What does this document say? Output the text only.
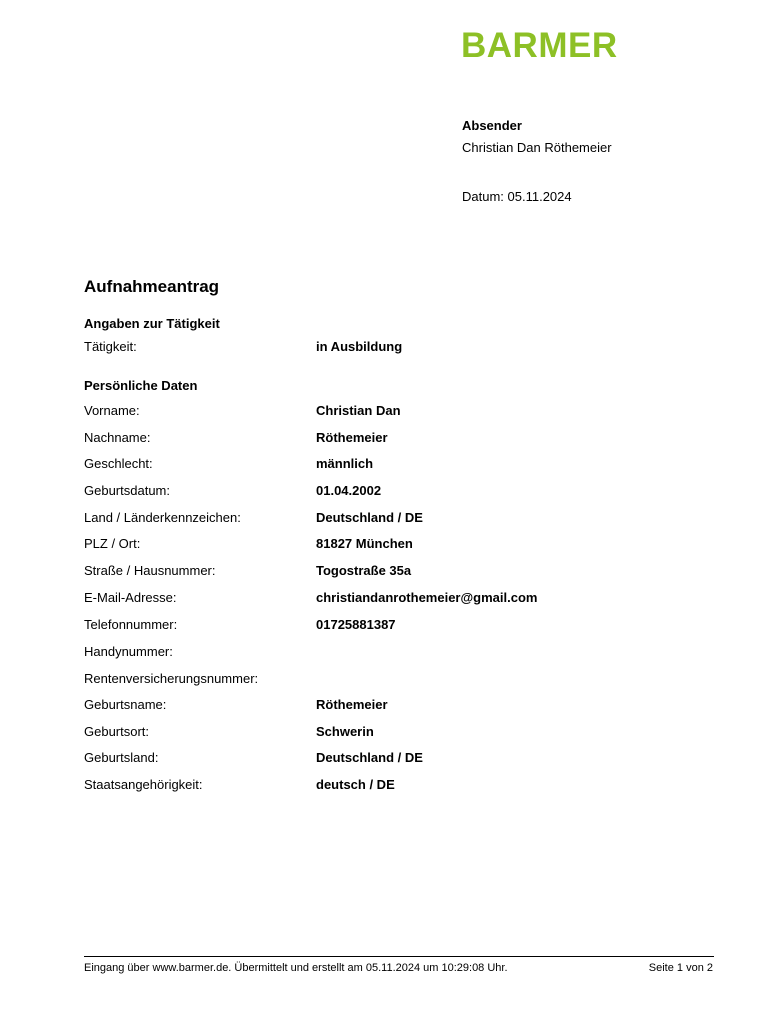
BARMER
Absender
Christian Dan Röthemeier
Datum: 05.11.2024
Aufnahmeantrag
Angaben zur Tätigkeit
Tätigkeit:	in Ausbildung
Persönliche Daten
Vorname:	Christian Dan
Nachname:	Röthemeier
Geschlecht:	männlich
Geburtsdatum:	01.04.2002
Land / Länderkennzeichen:	Deutschland / DE
PLZ / Ort:	81827 München
Straße / Hausnummer:	Togostraße 35a
E-Mail-Adresse:	christiandanrothemeier@gmail.com
Telefonnummer:	01725881387
Handynummer:
Rentenversicherungsnummer:
Geburtsname:	Röthemeier
Geburtsort:	Schwerin
Geburtsland:	Deutschland / DE
Staatsangehörigkeit:	deutsch / DE
Eingang über www.barmer.de. Übermittelt und erstellt am 05.11.2024 um 10:29:08 Uhr.	Seite 1 von 2
